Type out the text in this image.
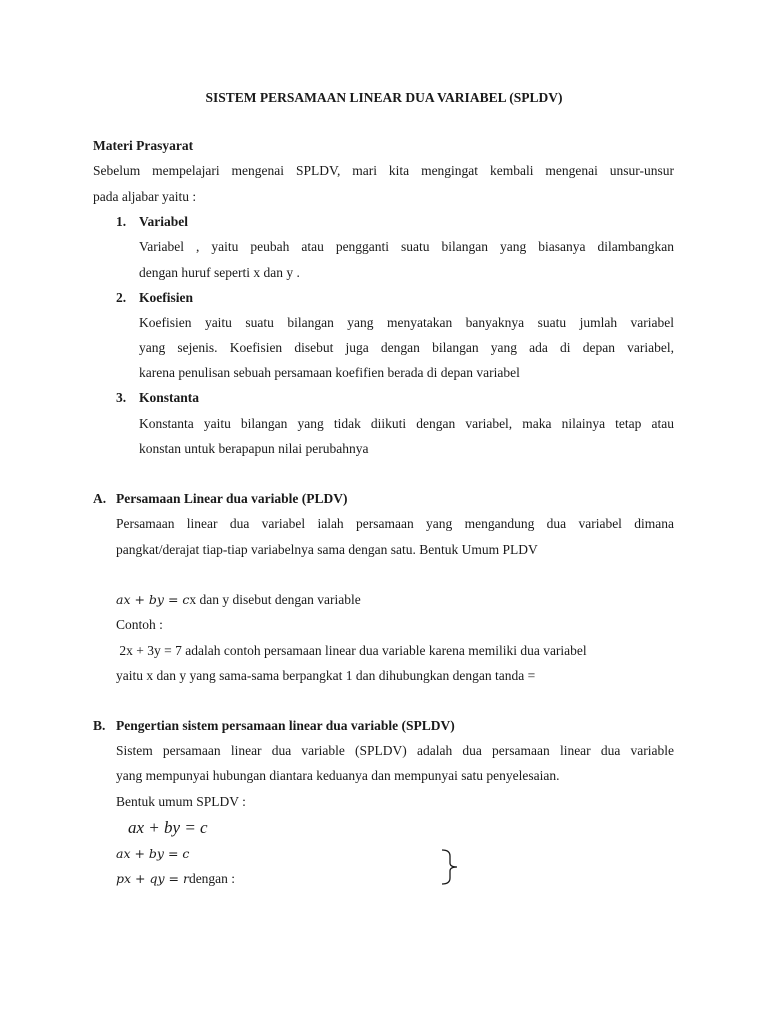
SISTEM PERSAMAAN LINEAR DUA VARIABEL (SPLDV)
Materi Prasyarat
Sebelum mempelajari mengenai SPLDV, mari kita mengingat kembali mengenai unsur-unsur
pada aljabar yaitu :
1. Variabel
Variabel , yaitu peubah atau pengganti suatu bilangan yang biasanya dilambangkan
dengan huruf seperti x dan y .
2. Koefisien
Koefisien yaitu suatu bilangan yang menyatakan banyaknya suatu jumlah variabel
yang sejenis. Koefisien disebut juga dengan bilangan yang ada di depan variabel,
karena penulisan sebuah persamaan koefifien berada di depan variabel
3. Konstanta
Konstanta yaitu bilangan yang tidak diikuti dengan variabel, maka nilainya tetap atau
konstan untuk berapapun nilai perubahnya
A. Persamaan Linear dua variable (PLDV)
Persamaan linear dua variabel ialah persamaan yang mengandung dua variabel dimana
pangkat/derajat tiap-tiap variabelnya sama dengan satu. Bentuk Umum PLDV
ax + by = cx dan y disebut dengan variable
Contoh :
2x + 3y = 7 adalah contoh persamaan linear dua variable karena memiliki dua variabel
yaitu x dan y yang sama-sama berpangkat 1 dan dihubungkan dengan tanda =
B. Pengertian sistem persamaan linear dua variable (SPLDV)
Sistem persamaan linear dua variable (SPLDV) adalah dua persamaan linear dua variable
yang mempunyai hubungan diantara keduanya dan mempunyai satu penyelesaian.
Bentuk umum SPLDV :
ax + by = c
ax + by = c
px + qy = rdengan :
